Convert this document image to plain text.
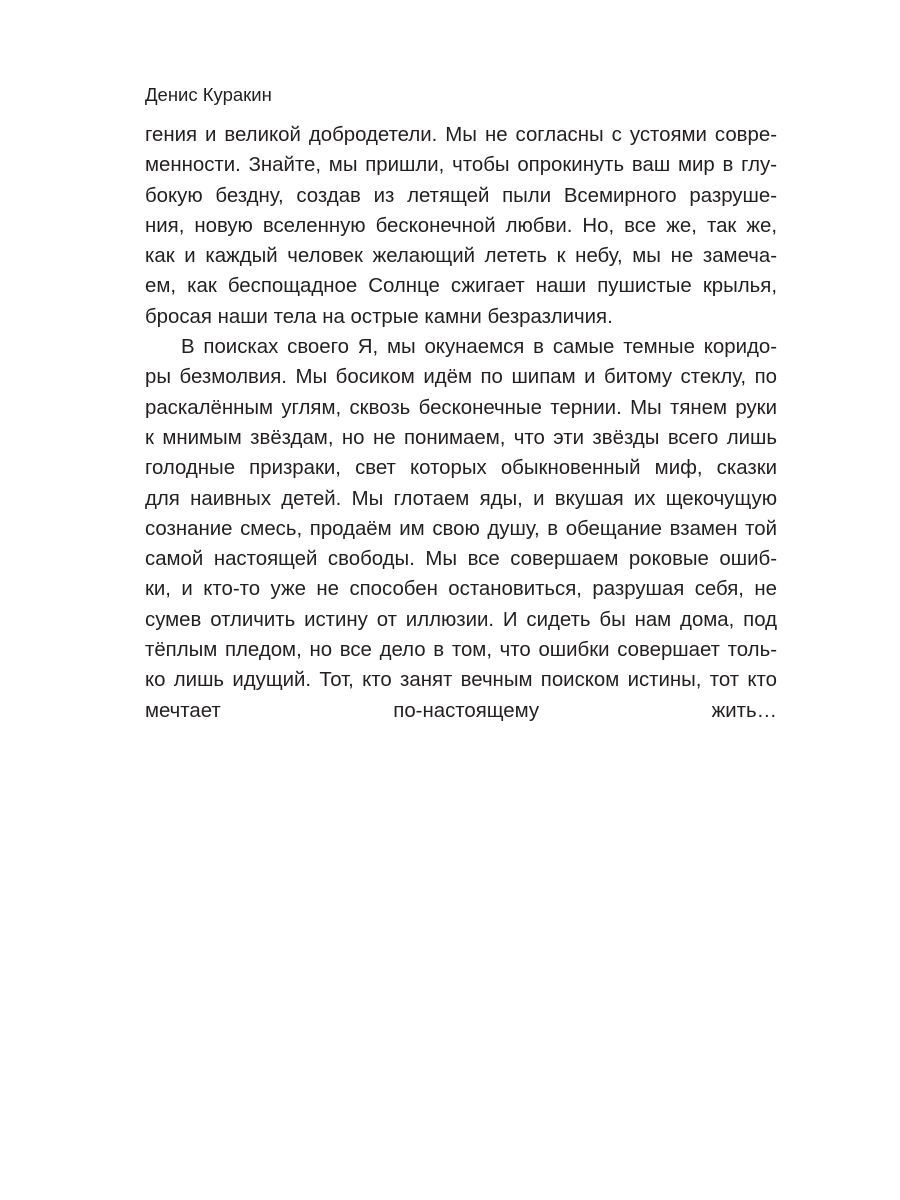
Денис Куракин
гения и великой добродетели. Мы не согласны с устоями совре-
менности. Знайте, мы пришли, чтобы опрокинуть ваш мир в глу-
бокую бездну, создав из летящей пыли Всемирного разруше-
ния, новую вселенную бесконечной любви. Но, все же, так же,
как и каждый человек желающий лететь к небу, мы не замеча-
ем, как беспощадное Солнце сжигает наши пушистые крылья,
бросая наши тела на острые камни безразличия.
В поисках своего Я, мы окунаемся в самые темные коридо-
ры безмолвия. Мы босиком идём по шипам и битому стеклу, по
раскалённым углям, сквозь бесконечные тернии. Мы тянем руки
к мнимым звёздам, но не понимаем, что эти звёзды всего лишь
голодные призраки, свет которых обыкновенный миф, сказки
для наивных детей. Мы глотаем яды, и вкушая их щекочущую
сознание смесь, продаём им свою душу, в обещание взамен той
самой настоящей свободы. Мы все совершаем роковые ошиб-
ки, и кто-то уже не способен остановиться, разрушая себя, не
сумев отличить истину от иллюзии. И сидеть бы нам дома, под
тёплым пледом, но все дело в том, что ошибки совершает толь-
ко лишь идущий. Тот, кто занят вечным поиском истины, тот кто
мечтает по-настоящему жить…
